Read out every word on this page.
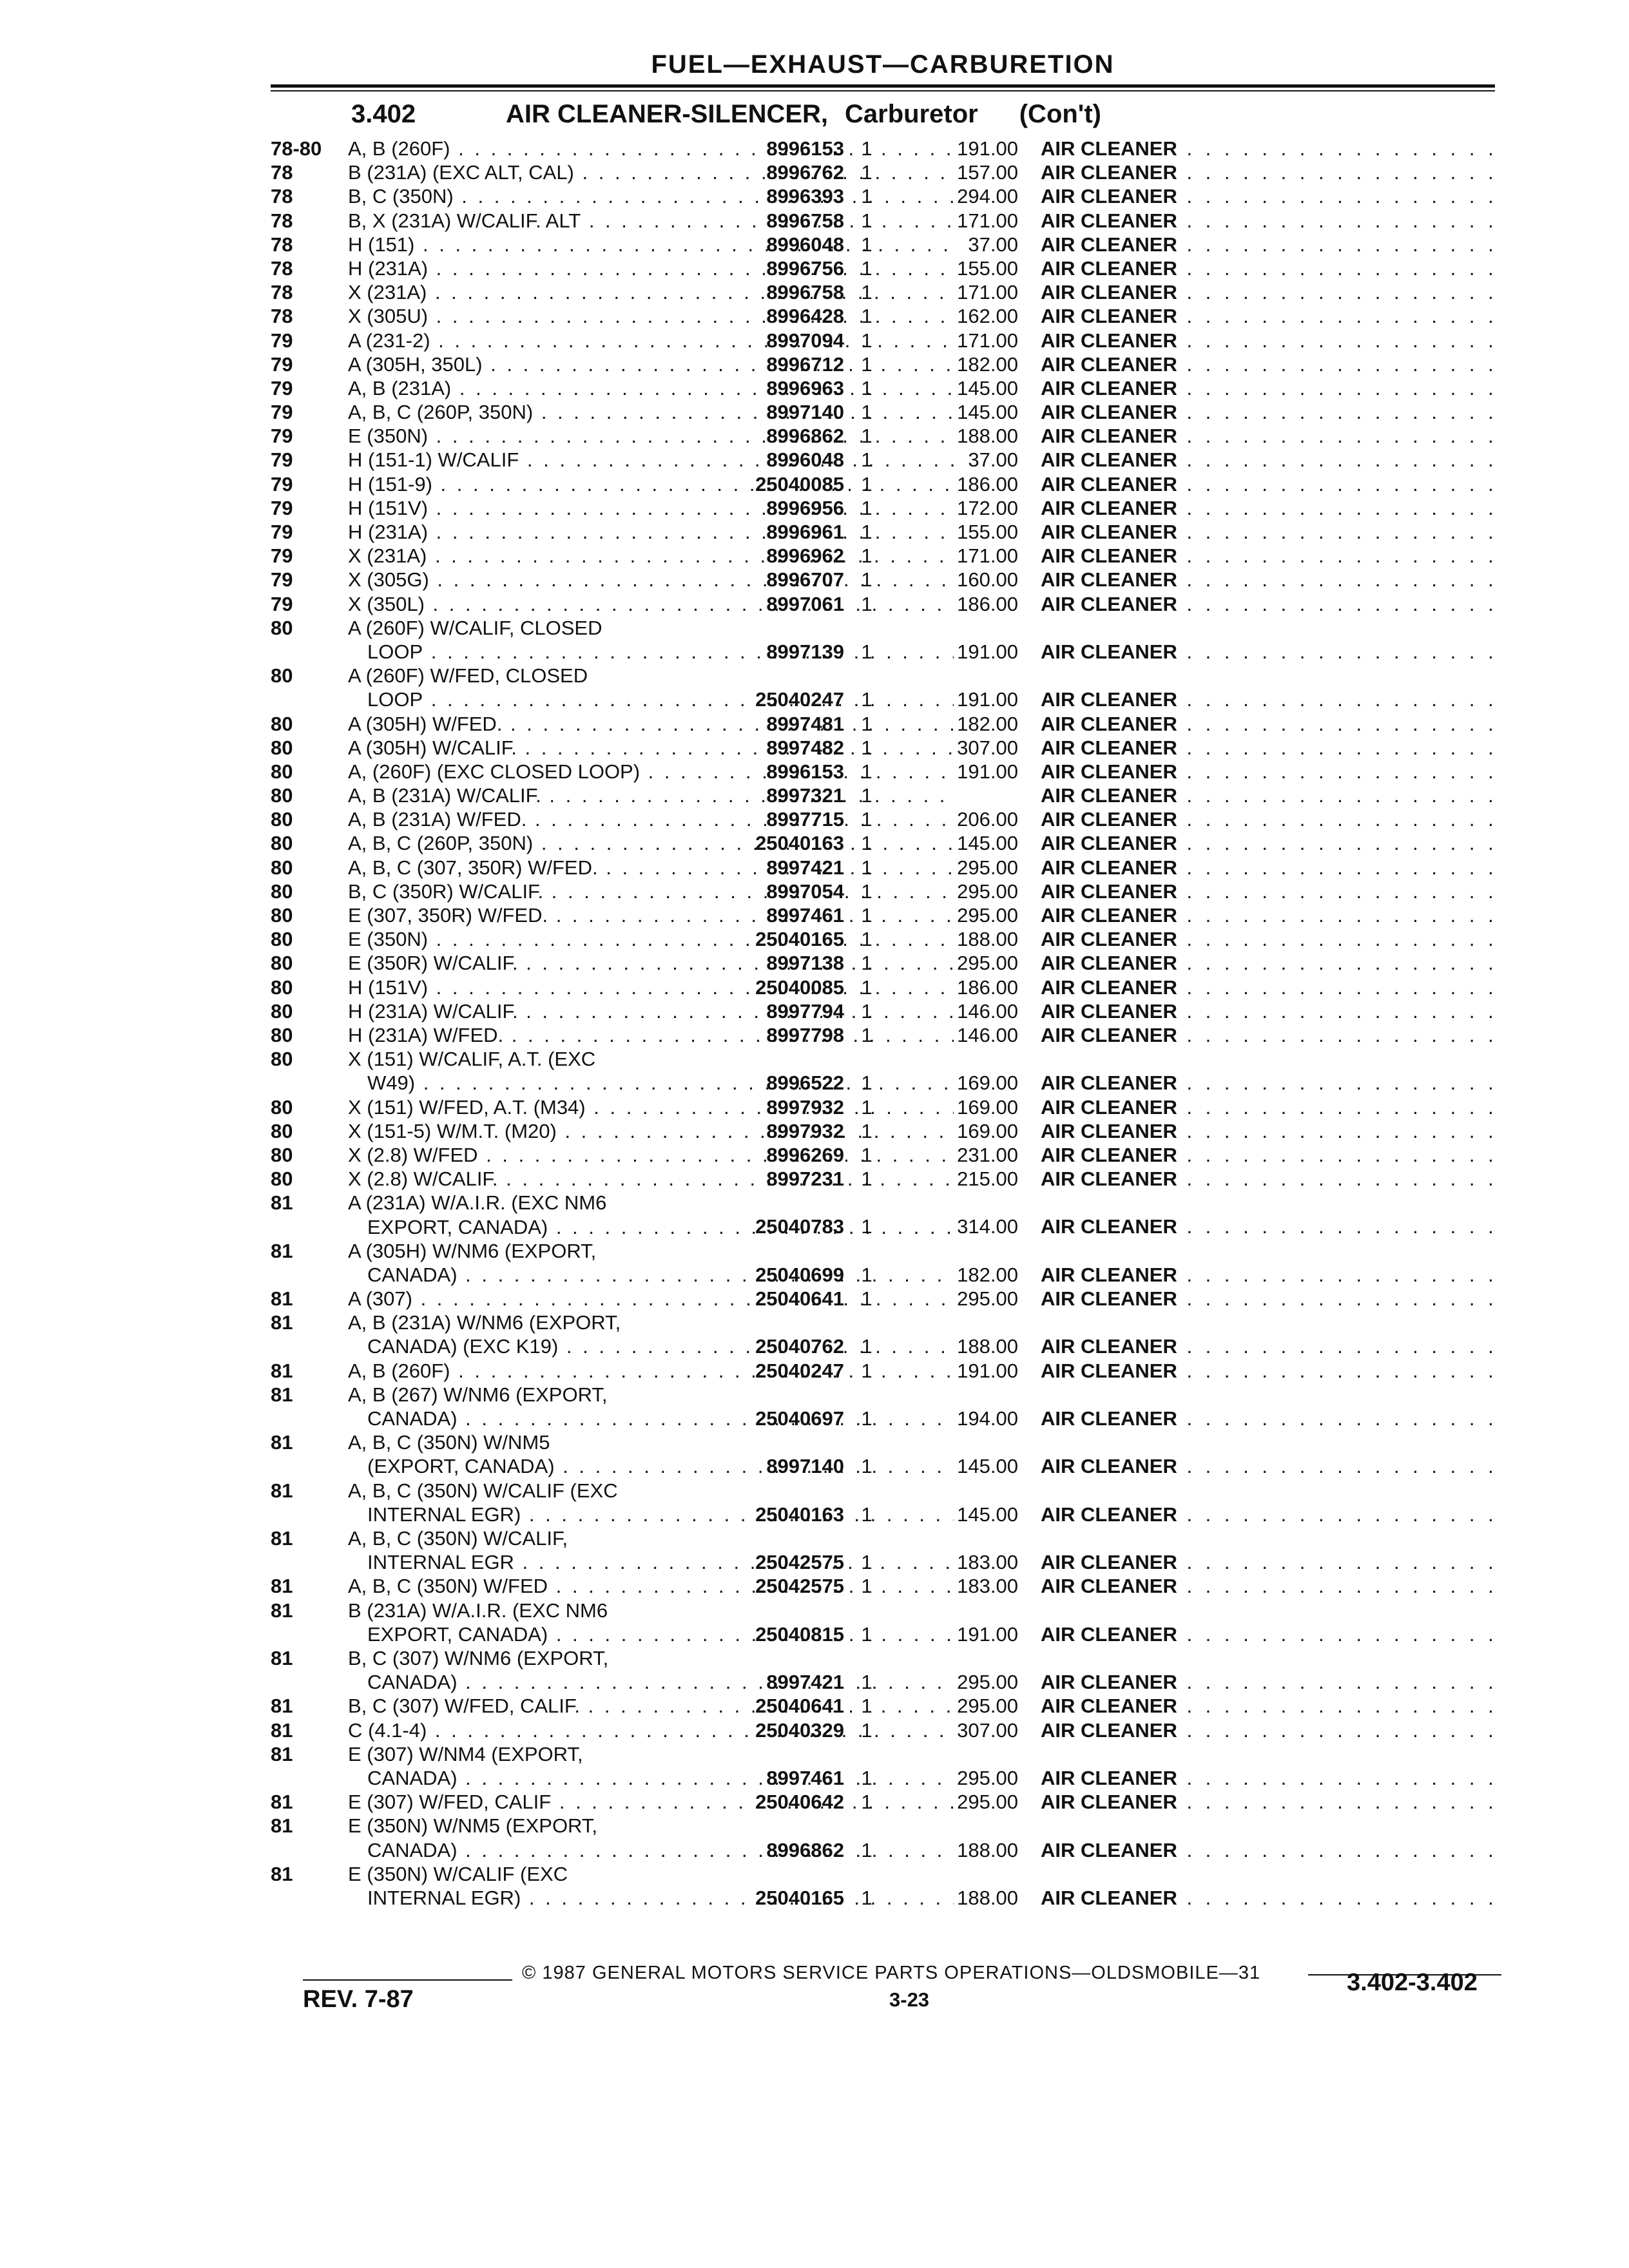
FUEL—EXHAUST—CARBURETION
3.402	AIR CLEANER-SILENCER, Carburetor (Con't)
78-80	A, B (260F) . . .	8996153 1	191.00 AIR CLEANER . . .
78	B (231A) (EXC ALT, CAL) . . .	8996762 1	157.00 AIR CLEANER . . .
78	B, C (350N) . . .	8996393 1	294.00 AIR CLEANER . . .
78	B, X (231A) W/CALIF. ALT . . .	8996758 1	171.00 AIR CLEANER . . .
78	H (151) . . .	8996048 1	37.00 AIR CLEANER . . .
78	H (231A) . . .	8996756 1	155.00 AIR CLEANER . . .
78	X (231A) . . .	8996758 1	171.00 AIR CLEANER . . .
78	X (305U) . . .	8996428 1	162.00 AIR CLEANER . . .
79	A (231-2) . . .	8997094 1	171.00 AIR CLEANER . . .
79	A (305H, 350L) . . .	8996712 1	182.00 AIR CLEANER . . .
79	A, B (231A) . . .	8996963 1	145.00 AIR CLEANER . . .
79	A, B, C (260P, 350N) . . .	8997140 1	145.00 AIR CLEANER . . .
79	E (350N) . . .	8996862 1	188.00 AIR CLEANER . . .
79	H (151-1) W/CALIF . . .	8996048 1	37.00 AIR CLEANER . . .
79	H (151-9) . . .	25040085 1	186.00 AIR CLEANER . . .
79	H (151V) . . .	8996956 1	172.00 AIR CLEANER . . .
79	H (231A) . . .	8996961 1	155.00 AIR CLEANER . . .
79	X (231A) . . .	8996962 1	171.00 AIR CLEANER . . .
79	X (305G) . . .	8996707 1	160.00 AIR CLEANER . . .
79	X (350L) . . .	8997061 1	186.00 AIR CLEANER . . .
80	A (260F) W/CALIF, CLOSED
LOOP . . .	8997139 1	191.00 AIR CLEANER . . .
80	A (260F) W/FED, CLOSED
LOOP . . .	25040247 1	191.00 AIR CLEANER . . .
80	A (305H) W/FED. . . .	8997481 1	182.00 AIR CLEANER . . .
80	A (305H) W/CALIF. . . .	8997482 1	307.00 AIR CLEANER . . .
80	A, (260F) (EXC CLOSED LOOP) . . .	8996153 1	191.00 AIR CLEANER . . .
80	A, B (231A) W/CALIF. . . .	8997321 1	AIR CLEANER . . .
80	A, B (231A) W/FED. . . .	8997715 1	206.00 AIR CLEANER . . .
80	A, B, C (260P, 350N) . . .	25040163 1	145.00 AIR CLEANER . . .
80	A, B, C (307, 350R) W/FED. . . .	8997421 1	295.00 AIR CLEANER . . .
80	B, C (350R) W/CALIF. . . .	8997054 1	295.00 AIR CLEANER . . .
80	E (307, 350R) W/FED. . . .	8997461 1	295.00 AIR CLEANER . . .
80	E (350N) . . .	25040165 1	188.00 AIR CLEANER . . .
80	E (350R) W/CALIF. . . .	8997138 1	295.00 AIR CLEANER . . .
80	H (151V) . . .	25040085 1	186.00 AIR CLEANER . . .
80	H (231A) W/CALIF. . . .	8997794 1	146.00 AIR CLEANER . . .
80	H (231A) W/FED. . . .	8997798 1	146.00 AIR CLEANER . . .
80	X (151) W/CALIF, A.T. (EXC
W49) . . .	8996522 1	169.00 AIR CLEANER . . .
80	X (151) W/FED, A.T. (M34) . . .	8997932 1	169.00 AIR CLEANER . . .
80	X (151-5) W/M.T. (M20) . . .	8997932 1	169.00 AIR CLEANER . . .
80	X (2.8) W/FED . . .	8996269 1	231.00 AIR CLEANER . . .
80	X (2.8) W/CALIF. . . .	8997231 1	215.00 AIR CLEANER . . .
81	A (231A) W/A.I.R. (EXC NM6
EXPORT, CANADA) . . .	25040783 1	314.00 AIR CLEANER . . .
81	A (305H) W/NM6 (EXPORT,
CANADA) . . .	25040699 1	182.00 AIR CLEANER . . .
81	A (307) . . .	25040641 1	295.00 AIR CLEANER . . .
81	A, B (231A) W/NM6 (EXPORT,
CANADA) (EXC K19) . . .	25040762 1	188.00 AIR CLEANER . . .
81	A, B (260F) . . .	25040247 1	191.00 AIR CLEANER . . .
81	A, B (267) W/NM6 (EXPORT,
CANADA) . . .	25040697 1	194.00 AIR CLEANER . . .
81	A, B, C (350N) W/NM5
(EXPORT, CANADA) . . .	8997140 1	145.00 AIR CLEANER . . .
81	A, B, C (350N) W/CALIF (EXC
INTERNAL EGR) . . .	25040163 1	145.00 AIR CLEANER . . .
81	A, B, C (350N) W/CALIF,
INTERNAL EGR . . .	25042575 1	183.00 AIR CLEANER . . .
81	A, B, C (350N) W/FED . . .	25042575 1	183.00 AIR CLEANER . . .
81	B (231A) W/A.I.R. (EXC NM6
EXPORT, CANADA) . . .	25040815 1	191.00 AIR CLEANER . . .
81	B, C (307) W/NM6 (EXPORT,
CANADA) . . .	8997421 1	295.00 AIR CLEANER . . .
81	B, C (307) W/FED, CALIF. . . .	25040641 1	295.00 AIR CLEANER . . .
81	C (4.1-4) . . .	25040329 1	307.00 AIR CLEANER . . .
81	E (307) W/NM4 (EXPORT,
CANADA) . . .	8997461 1	295.00 AIR CLEANER . . .
81	E (307) W/FED, CALIF . . .	25040642 1	295.00 AIR CLEANER . . .
81	E (350N) W/NM5 (EXPORT,
CANADA) . . .	8996862 1	188.00 AIR CLEANER . . .
81	E (350N) W/CALIF (EXC
INTERNAL EGR) . . .	25040165 1	188.00 AIR CLEANER . . .
© 1987 GENERAL MOTORS SERVICE PARTS OPERATIONS—OLDSMOBILE—31
REV. 7-87	3-23
3.402-3.402
